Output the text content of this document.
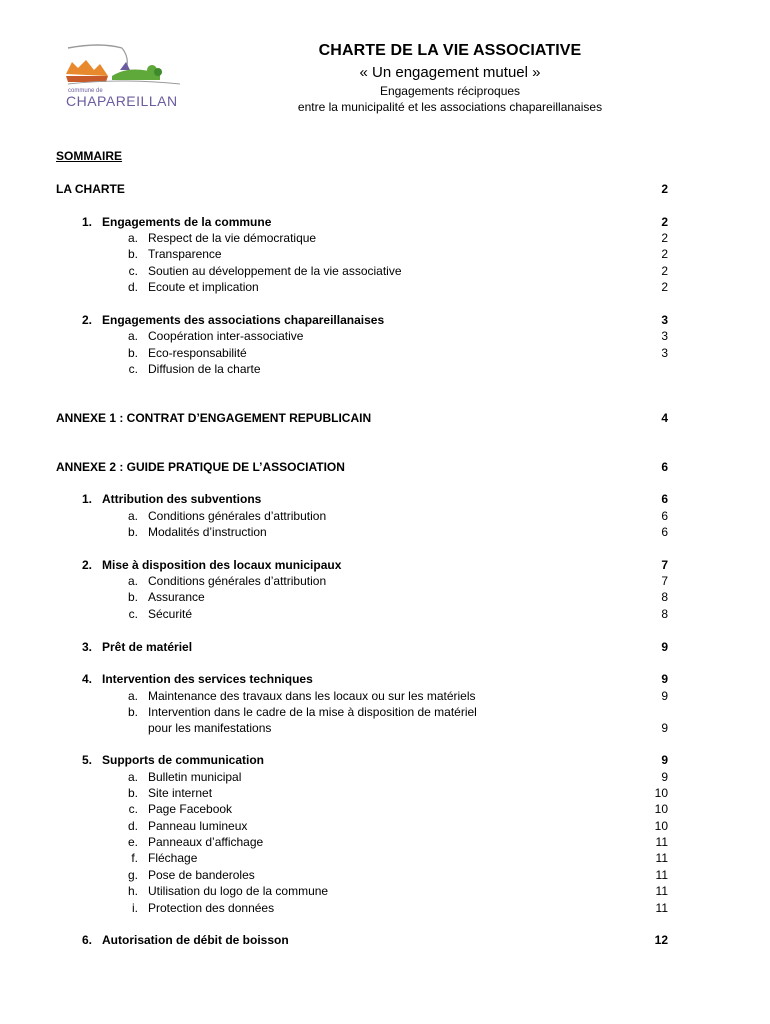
commune de
CHAPAREILLAN
CHARTE DE LA VIE ASSOCIATIVE
« Un engagement mutuel »
Engagements réciproques
entre la municipalité et les associations chapareillanaises
SOMMAIRE
LA CHARTE	2
1. Engagements de la commune	2
a. Respect de la vie démocratique	2
b. Transparence	2
c. Soutien au développement de la vie associative	2
d. Ecoute et implication	2
2. Engagements des associations chapareillanaises	3
a. Coopération inter-associative	3
b. Eco-responsabilité	3
c. Diffusion de la charte
ANNEXE 1 : CONTRAT D’ENGAGEMENT REPUBLICAIN	4
ANNEXE 2 : GUIDE PRATIQUE DE L’ASSOCIATION	6
1. Attribution des subventions	6
a. Conditions générales d’attribution	6
b. Modalités d’instruction	6
2. Mise à disposition des locaux municipaux	7
a. Conditions générales d’attribution	7
b. Assurance	8
c. Sécurité	8
3. Prêt de matériel	9
4. Intervention des services techniques	9
a. Maintenance des travaux dans les locaux ou sur les matériels	9
b. Intervention dans le cadre de la mise à disposition de matériel
pour les manifestations	9
5. Supports de communication	9
a. Bulletin municipal	9
b. Site internet	10
c. Page Facebook	10
d. Panneau lumineux	10
e. Panneaux d’affichage	11
f. Fléchage	11
g. Pose de banderoles	11
h. Utilisation du logo de la commune	11
i. Protection des données	11
6. Autorisation de débit de boisson	12
